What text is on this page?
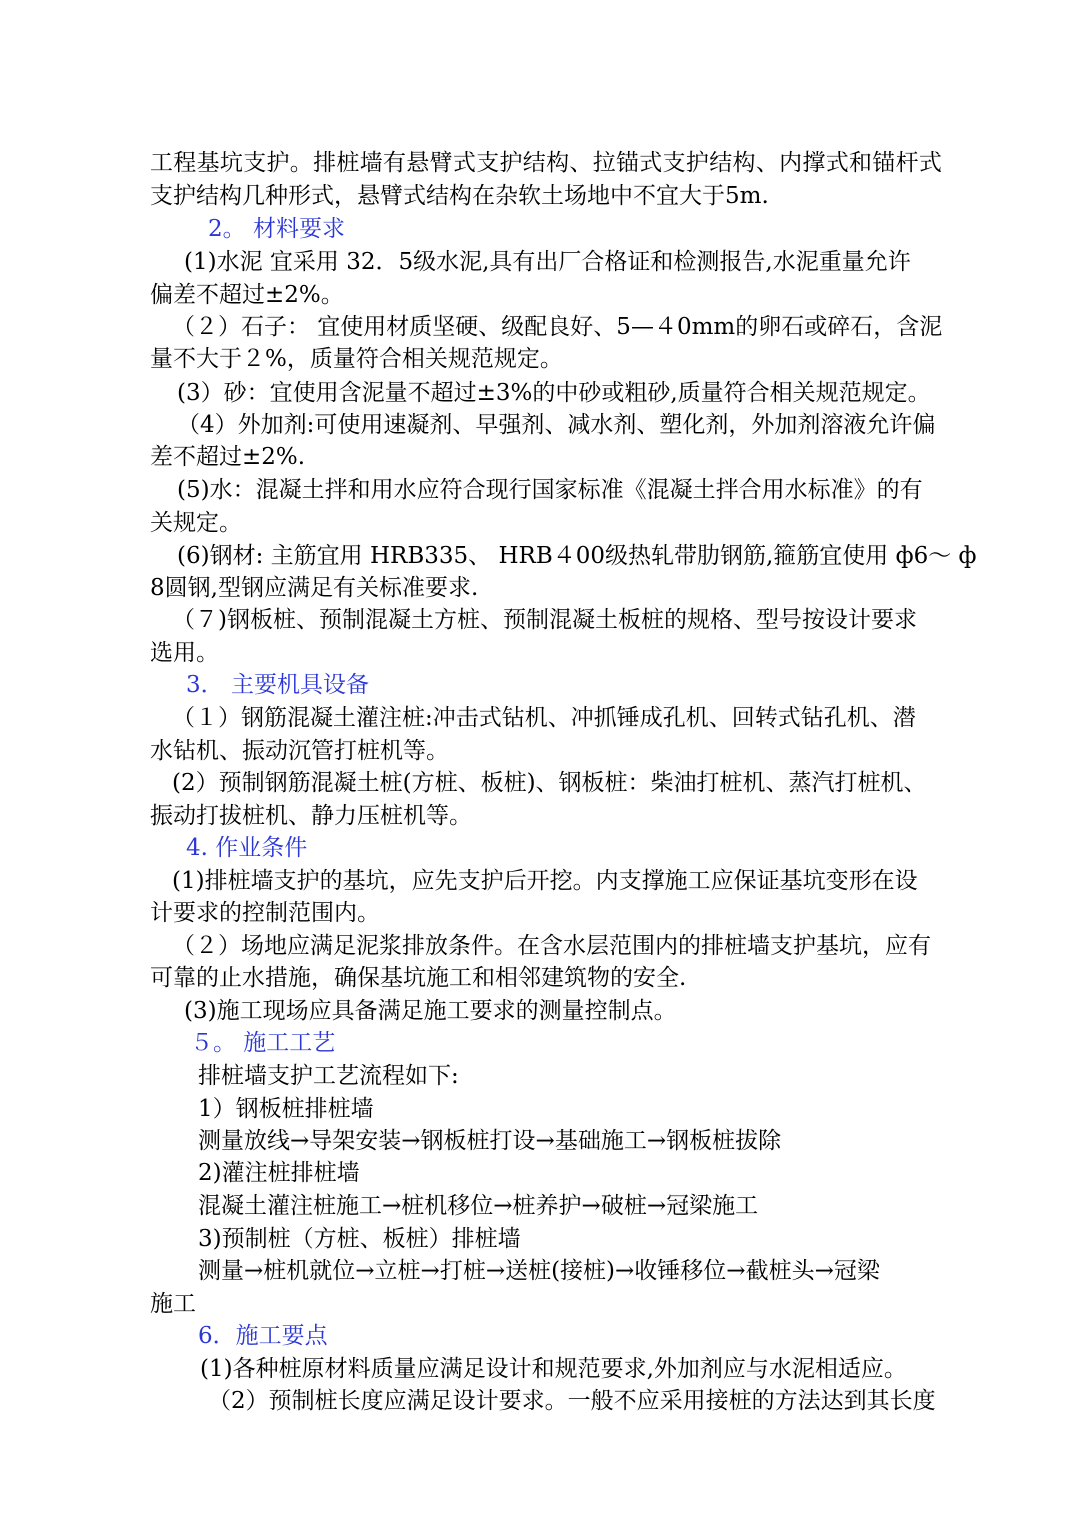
工程基坑支护。排桩墙有悬臂式支护结构、拉锚式支护结构、内撑式和锚杆式
支护结构几种形式，悬臂式结构在杂软土场地中不宜大于5m.
2。 材料要求
(1)水泥 宜采用 32．5级水泥,具有出厂合格证和检测报告,水泥重量允许
偏差不超过±2%。
（２）石子： 宜使用材质坚硬、级配良好、5—４0mm的卵石或碎石，含泥
量不大于２%，质量符合相关规范规定。
(3）砂：宜使用含泥量不超过±3%的中砂或粗砂,质量符合相关规范规定。
（4）外加剂:可使用速凝剂、早强剂、减水剂、塑化剂，外加剂溶液允许偏
差不超过±2%.
(5)水：混凝土拌和用水应符合现行国家标准《混凝土拌合用水标准》的有
关规定。
(6)钢材: 主筋宜用 HRB335、 HRB４00级热轧带肋钢筋,箍筋宜使用 ф6～ ф
8圆钢,型钢应满足有关标准要求.
（７)钢板桩、预制混凝土方桩、预制混凝土板桩的规格、型号按设计要求
选用。
3． 主要机具设备
（１）钢筋混凝土灌注桩:冲击式钻机、冲抓锤成孔机、回转式钻孔机、潜
水钻机、振动沉管打桩机等。
(2）预制钢筋混凝土桩(方桩、板桩)、钢板桩：柴油打桩机、蒸汽打桩机、
振动打拔桩机、静力压桩机等。
4. 作业条件
(1)排桩墙支护的基坑，应先支护后开挖。内支撑施工应保证基坑变形在设
计要求的控制范围内。
（２）场地应满足泥浆排放条件。在含水层范围内的排桩墙支护基坑，应有
可靠的止水措施，确保基坑施工和相邻建筑物的安全.
(3)施工现场应具备满足施工要求的测量控制点。
５。 施工工艺
排桩墙支护工艺流程如下:
1）钢板桩排桩墙
测量放线→导架安装→钢板桩打设→基础施工→钢板桩拔除
2)灌注桩排桩墙
混凝土灌注桩施工→桩机移位→桩养护→破桩→冠梁施工
3)预制桩（方桩、板桩）排桩墙
测量→桩机就位→立桩→打桩→送桩(接桩)→收锤移位→截桩头→冠梁
施工
6．施工要点
(1)各种桩原材料质量应满足设计和规范要求,外加剂应与水泥相适应。
（2）预制桩长度应满足设计要求。一般不应采用接桩的方法达到其长度
